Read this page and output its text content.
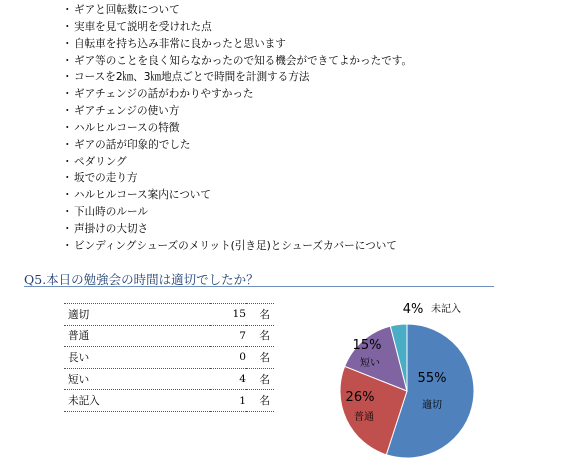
・ギアと回転数について
・実車を見て説明を受けれた点
・自転車を持ち込み非常に良かったと思います
・ギア等のことを良く知らなかったので知る機会ができてよかったです。
・コースを2㎞、3㎞地点ごとで時間を計測する方法
・ギアチェンジの話がわかりやすかった
・ギアチェンジの使い方
・ハルヒルコースの特徴
・ギアの話が印象的でした
・ペダリング
・坂での走り方
・ハルヒルコース案内について
・下山時のルール
・声掛けの大切さ
・ビンディングシューズのメリット(引き足)とシューズカバーについて
Q5.本日の勉強会の時間は適切でしたか？
適切	15	名
普通	7	名
長い	0	名
短い	4	名
未記入	1	名
55%
適切
26%
普通
15%
短い
4% 未記入
